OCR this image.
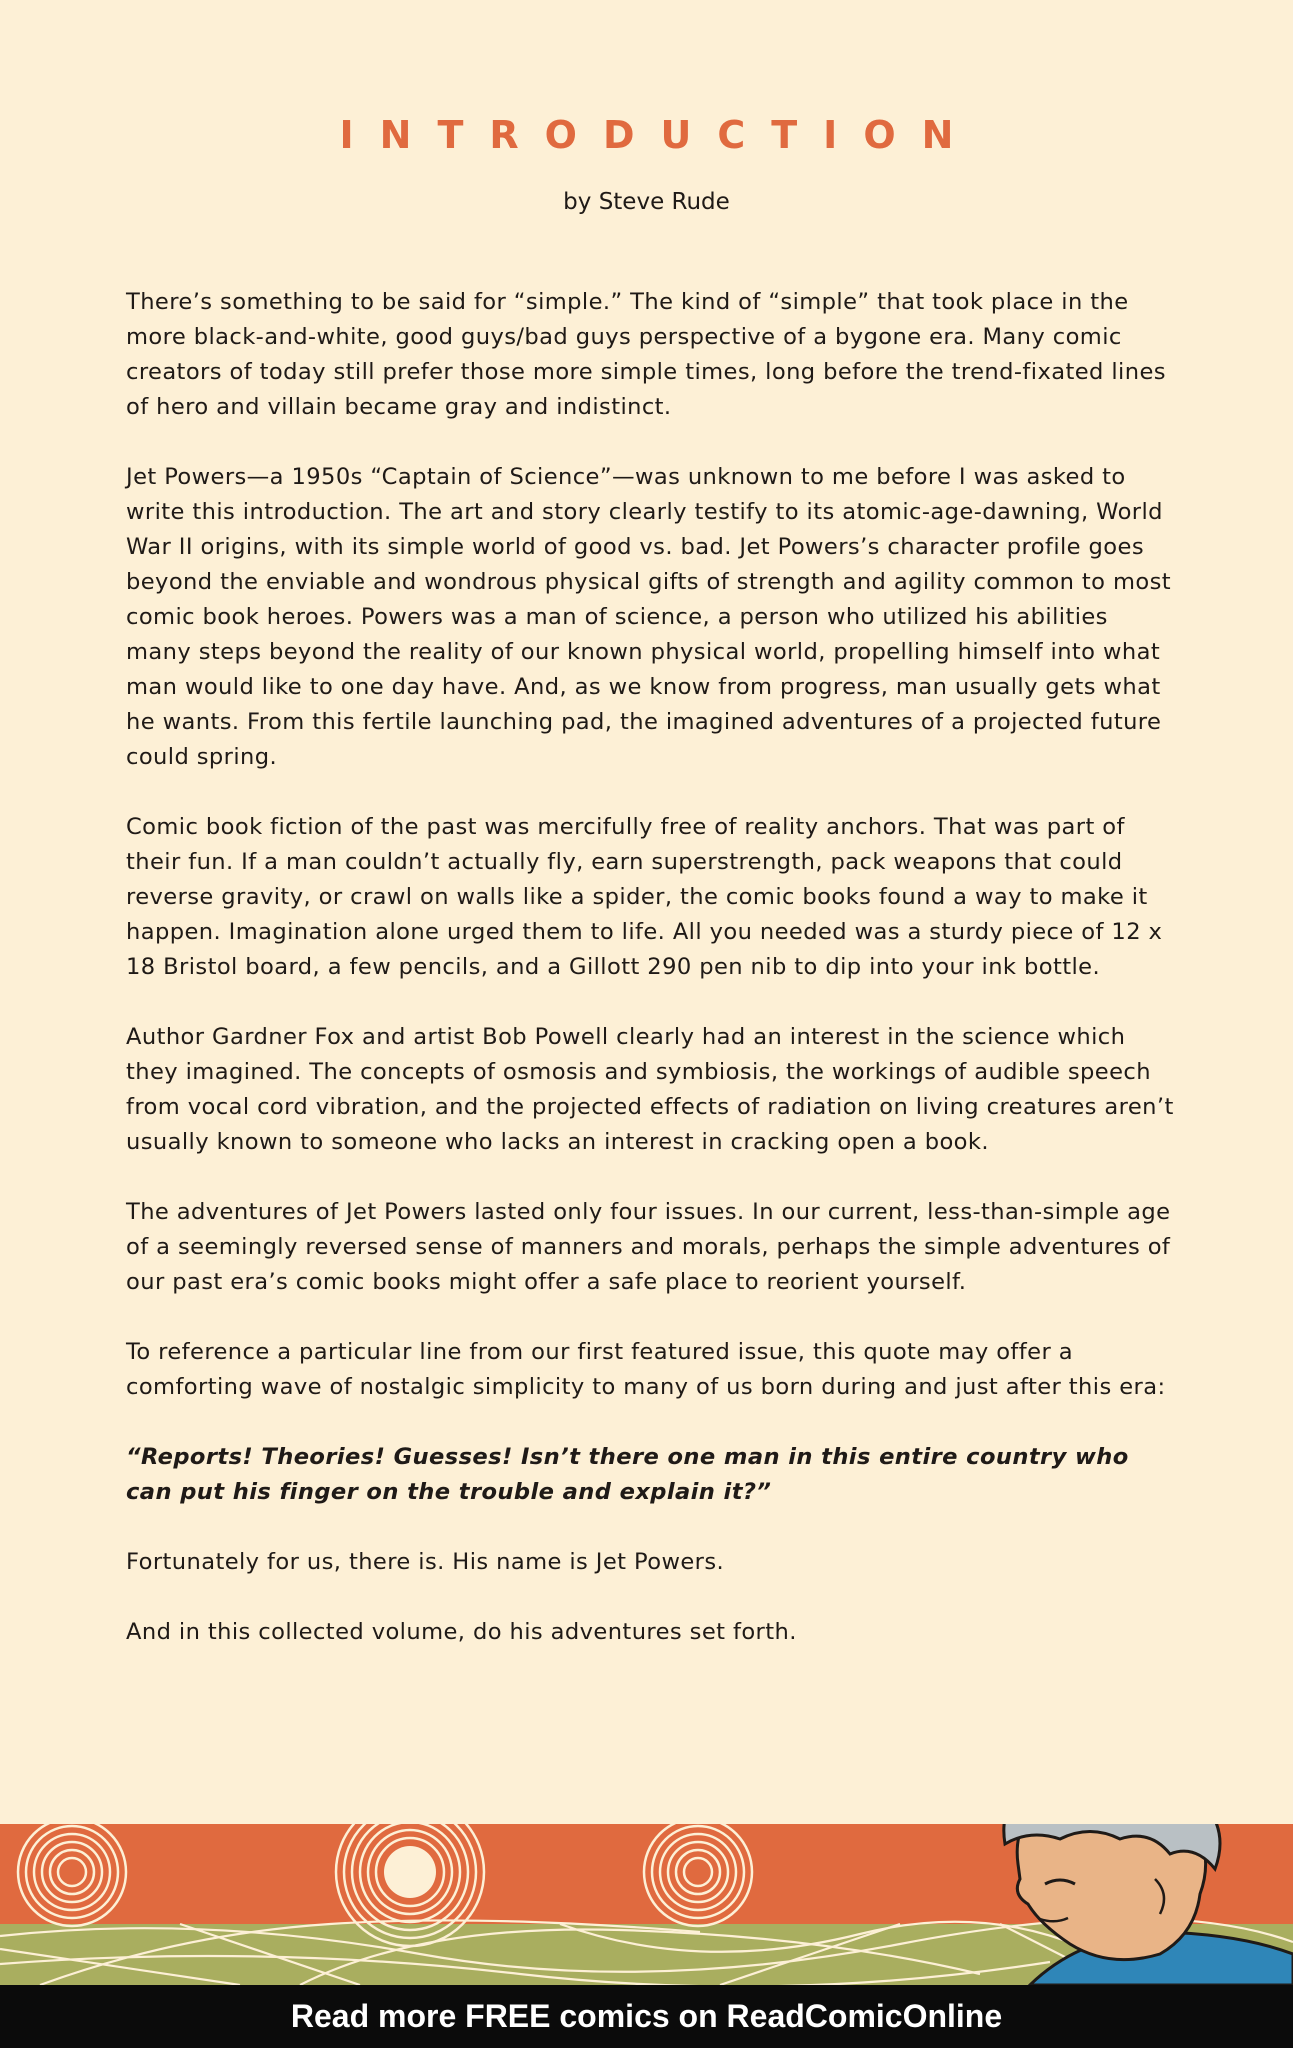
INTRODUCTION
by Steve Rude

There’s something to be said for “simple.” The kind of “simple” that took place in the more black-and-white, good guys/bad guys perspective of a bygone era. Many comic creators of today still prefer those more simple times, long before the trend-fixated lines of hero and villain became gray and indistinct.

Jet Powers—a 1950s “Captain of Science”—was unknown to me before I was asked to write this introduction. The art and story clearly testify to its atomic-age-dawning, World War II origins, with its simple world of good vs. bad. Jet Powers’s character profile goes beyond the enviable and wondrous physical gifts of strength and agility common to most comic book heroes. Powers was a man of science, a person who utilized his abilities many steps beyond the reality of our known physical world, propelling himself into what man would like to one day have. And, as we know from progress, man usually gets what he wants. From this fertile launching pad, the imagined adventures of a projected future could spring.

Comic book fiction of the past was mercifully free of reality anchors. That was part of their fun. If a man couldn’t actually fly, earn superstrength, pack weapons that could reverse gravity, or crawl on walls like a spider, the comic books found a way to make it happen. Imagination alone urged them to life. All you needed was a sturdy piece of 12 x 18 Bristol board, a few pencils, and a Gillott 290 pen nib to dip into your ink bottle.

Author Gardner Fox and artist Bob Powell clearly had an interest in the science which they imagined. The concepts of osmosis and symbiosis, the workings of audible speech from vocal cord vibration, and the projected effects of radiation on living creatures aren’t usually known to someone who lacks an interest in cracking open a book.

The adventures of Jet Powers lasted only four issues. In our current, less-than-simple age of a seemingly reversed sense of manners and morals, perhaps the simple adventures of our past era’s comic books might offer a safe place to reorient yourself.

To reference a particular line from our first featured issue, this quote may offer a comforting wave of nostalgic simplicity to many of us born during and just after this era:

“Reports! Theories! Guesses! Isn’t there one man in this entire country who can put his finger on the trouble and explain it?”

Fortunately for us, there is. His name is Jet Powers.

And in this collected volume, do his adventures set forth.

Read more FREE comics on ReadComicOnline
